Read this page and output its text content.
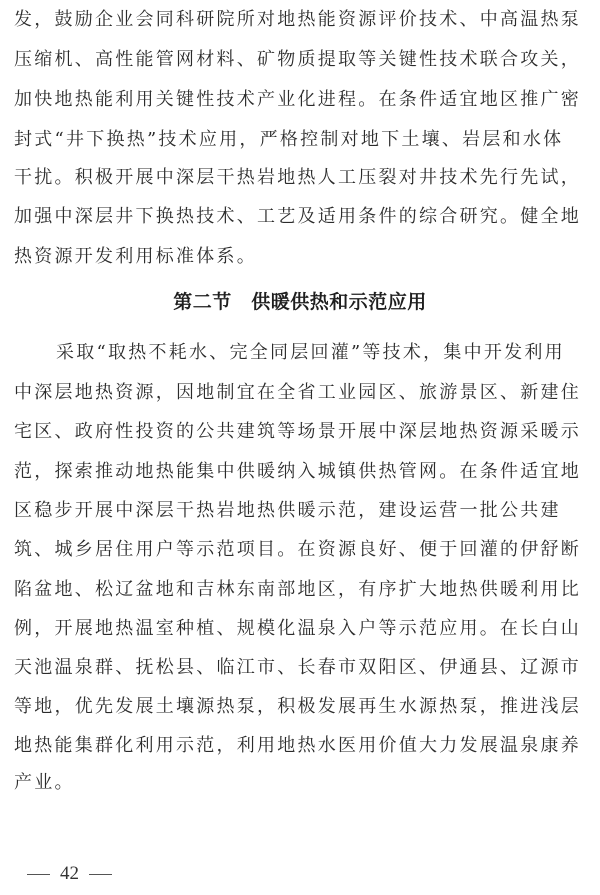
发，鼓励企业会同科研院所对地热能资源评价技术、中高温热泵
压缩机、高性能管网材料、矿物质提取等关键性技术联合攻关，
加快地热能利用关键性技术产业化进程。在条件适宜地区推广密
封式“井下换热”技术应用，严格控制对地下土壤、岩层和水体
干扰。积极开展中深层干热岩地热人工压裂对井技术先行先试，
加强中深层井下换热技术、工艺及适用条件的综合研究。健全地
热资源开发利用标准体系。
第二节　供暖供热和示范应用
采取“取热不耗水、完全同层回灌”等技术，集中开发利用
中深层地热资源，因地制宜在全省工业园区、旅游景区、新建住
宅区、政府性投资的公共建筑等场景开展中深层地热资源采暖示
范，探索推动地热能集中供暖纳入城镇供热管网。在条件适宜地
区稳步开展中深层干热岩地热供暖示范，建设运营一批公共建
筑、城乡居住用户等示范项目。在资源良好、便于回灌的伊舒断
陷盆地、松辽盆地和吉林东南部地区，有序扩大地热供暖利用比
例，开展地热温室种植、规模化温泉入户等示范应用。在长白山
天池温泉群、抚松县、临江市、长春市双阳区、伊通县、辽源市
等地，优先发展土壤源热泵，积极发展再生水源热泵，推进浅层
地热能集群化利用示范，利用地热水医用价值大力发展温泉康养
产业。
42
